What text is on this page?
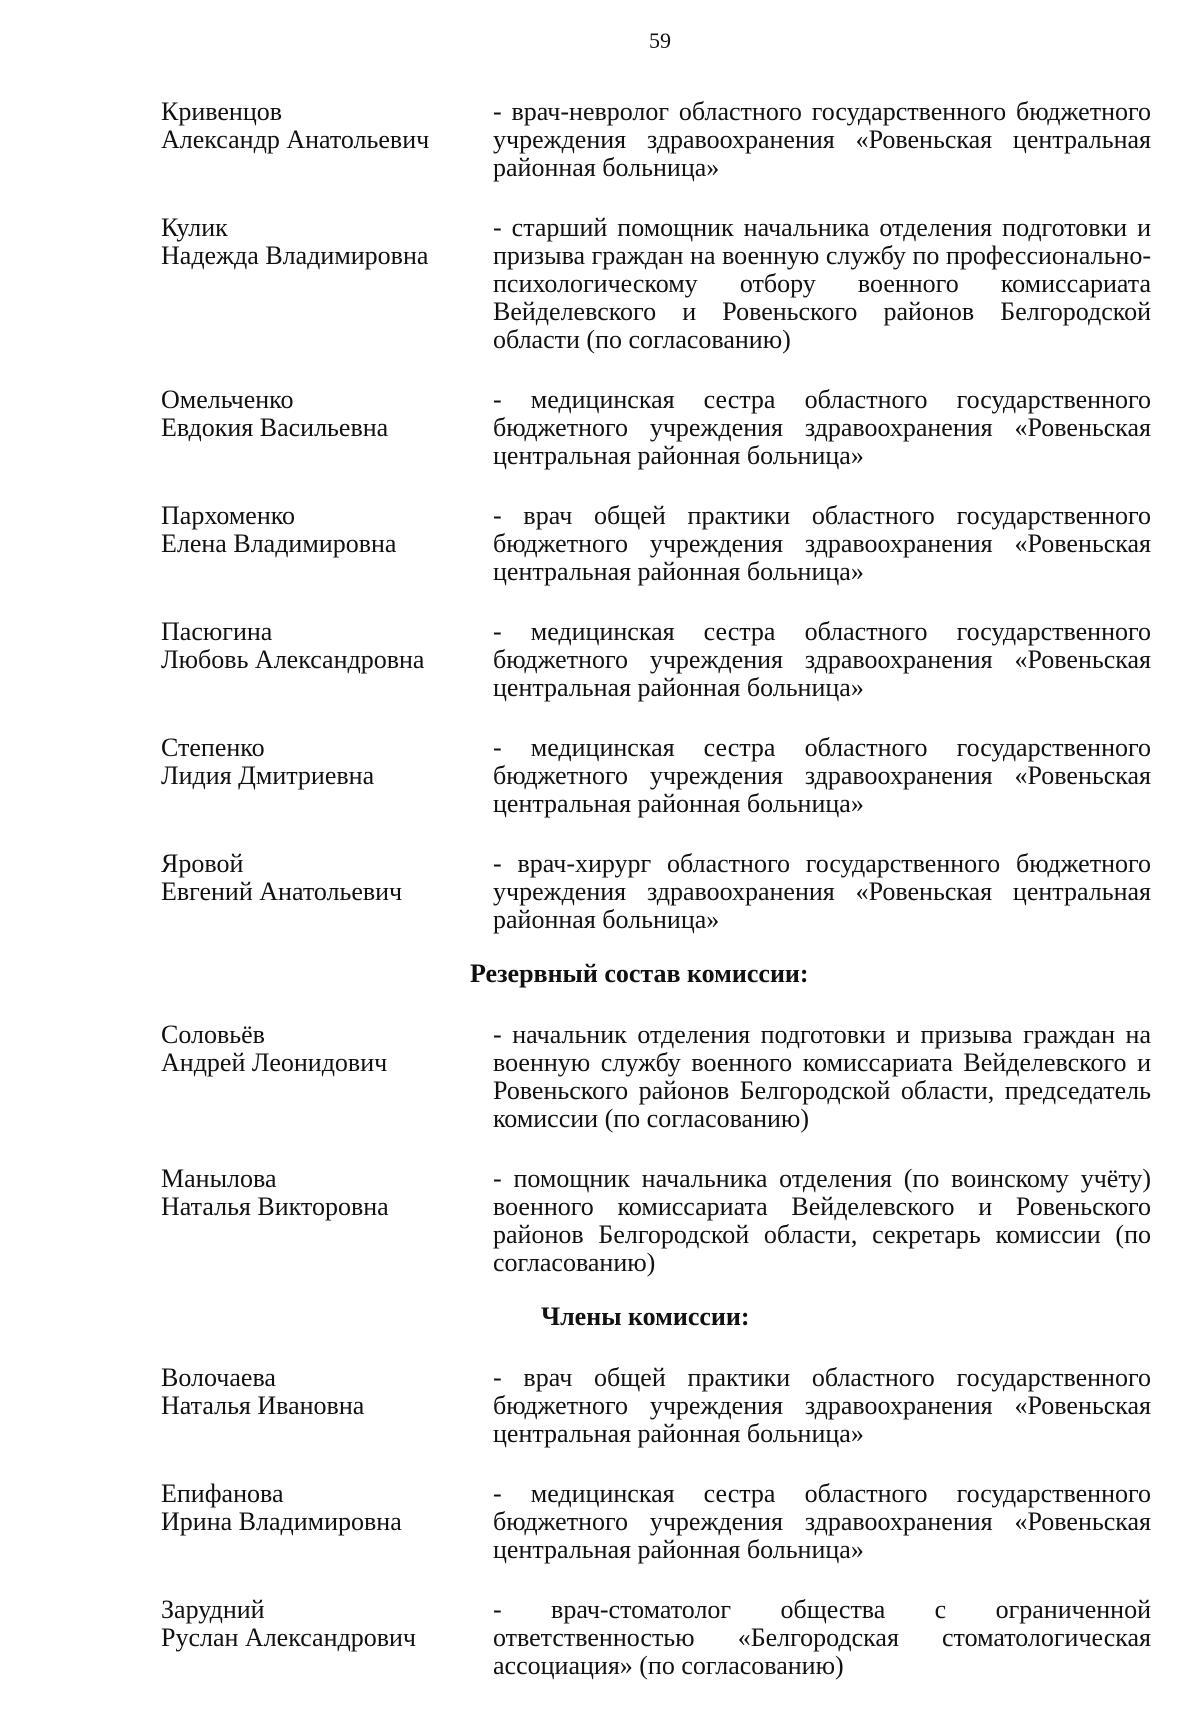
59
Кривенцов
Александр Анатольевич
- врач-невролог областного государственного бюджетного учреждения здравоохранения «Ровеньская центральная районная больница»
Кулик
Надежда Владимировна
- старший помощник начальника отделения подготовки и призыва граждан на военную службу по профессионально-психологическому отбору военного комиссариата Вейделевского и Ровеньского районов Белгородской области (по согласованию)
Омельченко
Евдокия Васильевна
- медицинская сестра областного государственного бюджетного учреждения здравоохранения «Ровеньская центральная районная больница»
Пархоменко
Елена Владимировна
- врач общей практики областного государственного бюджетного учреждения здравоохранения «Ровеньская центральная районная больница»
Пасюгина
Любовь Александровна
- медицинская сестра областного государственного бюджетного учреждения здравоохранения «Ровеньская центральная районная больница»
Степенко
Лидия Дмитриевна
- медицинская сестра областного государственного бюджетного учреждения здравоохранения «Ровеньская центральная районная больница»
Яровой
Евгений Анатольевич
- врач-хирург областного государственного бюджетного учреждения здравоохранения «Ровеньская центральная районная больница»
Резервный состав комиссии:
Соловьёв
Андрей Леонидович
- начальник отделения подготовки и призыва граждан на военную службу военного комиссариата Вейделевского и Ровеньского районов Белгородской области, председатель комиссии (по согласованию)
Манылова
Наталья Викторовна
- помощник начальника отделения (по воинскому учёту) военного комиссариата Вейделевского и Ровеньского районов Белгородской области, секретарь комиссии (по согласованию)
Члены комиссии:
Волочаева
Наталья Ивановна
- врач общей практики областного государственного бюджетного учреждения здравоохранения «Ровеньская центральная районная больница»
Епифанова
Ирина Владимировна
- медицинская сестра областного государственного бюджетного учреждения здравоохранения «Ровеньская центральная районная больница»
Зарудний
Руслан Александрович
- врач-стоматолог общества с ограниченной ответственностью «Белгородская стоматологическая ассоциация» (по согласованию)
